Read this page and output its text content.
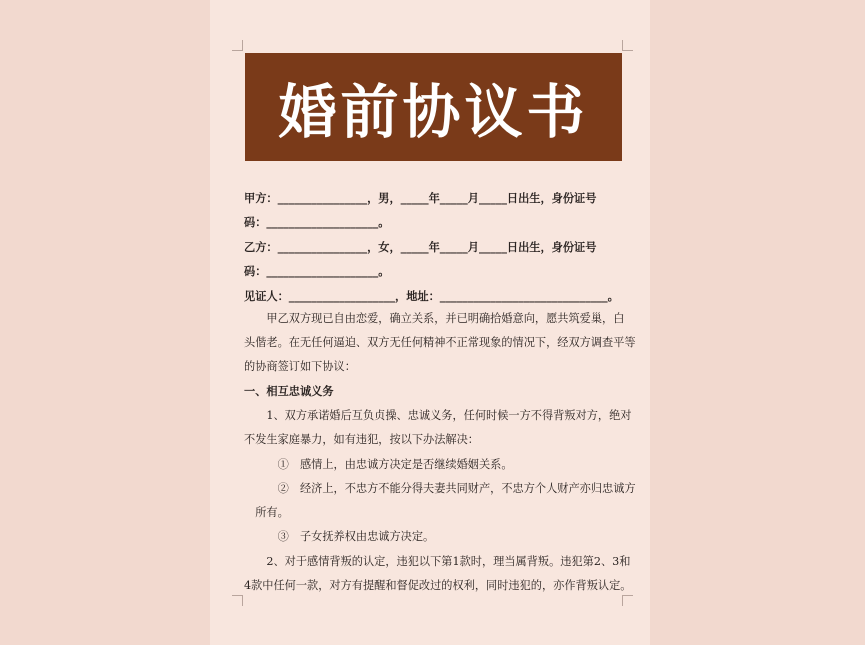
婚前协议书
甲方：________________，男，_____年_____月_____日出生，身份证号
码：____________________。
乙方：________________，女，_____年_____月_____日出生，身份证号
码：____________________。
见证人：___________________，地址：______________________________。
　　甲乙双方现已自由恋爱，确立关系，并已明确拾婚意向，愿共筑爱巢，白
头偕老。在无任何逼迫、双方无任何精神不正常现象的情况下，经双方调查平等
的协商签订如下协议：
一、相互忠诚义务
　　1、双方承诺婚后互负贞操、忠诚义务，任何时候一方不得背叛对方，绝对
不发生家庭暴力，如有违犯，按以下办法解决：
　　　①　感情上，由忠诚方决定是否继续婚姻关系。
　　　②　经济上，不忠方不能分得夫妻共同财产，不忠方个人财产亦归忠诚方
　所有。
　　　③　子女抚养权由忠诚方决定。
　　2、对于感情背叛的认定，违犯以下第1款时，理当属背叛。违犯第2、3和
4款中任何一款，对方有提醒和督促改过的权利，同时违犯的，亦作背叛认定。
